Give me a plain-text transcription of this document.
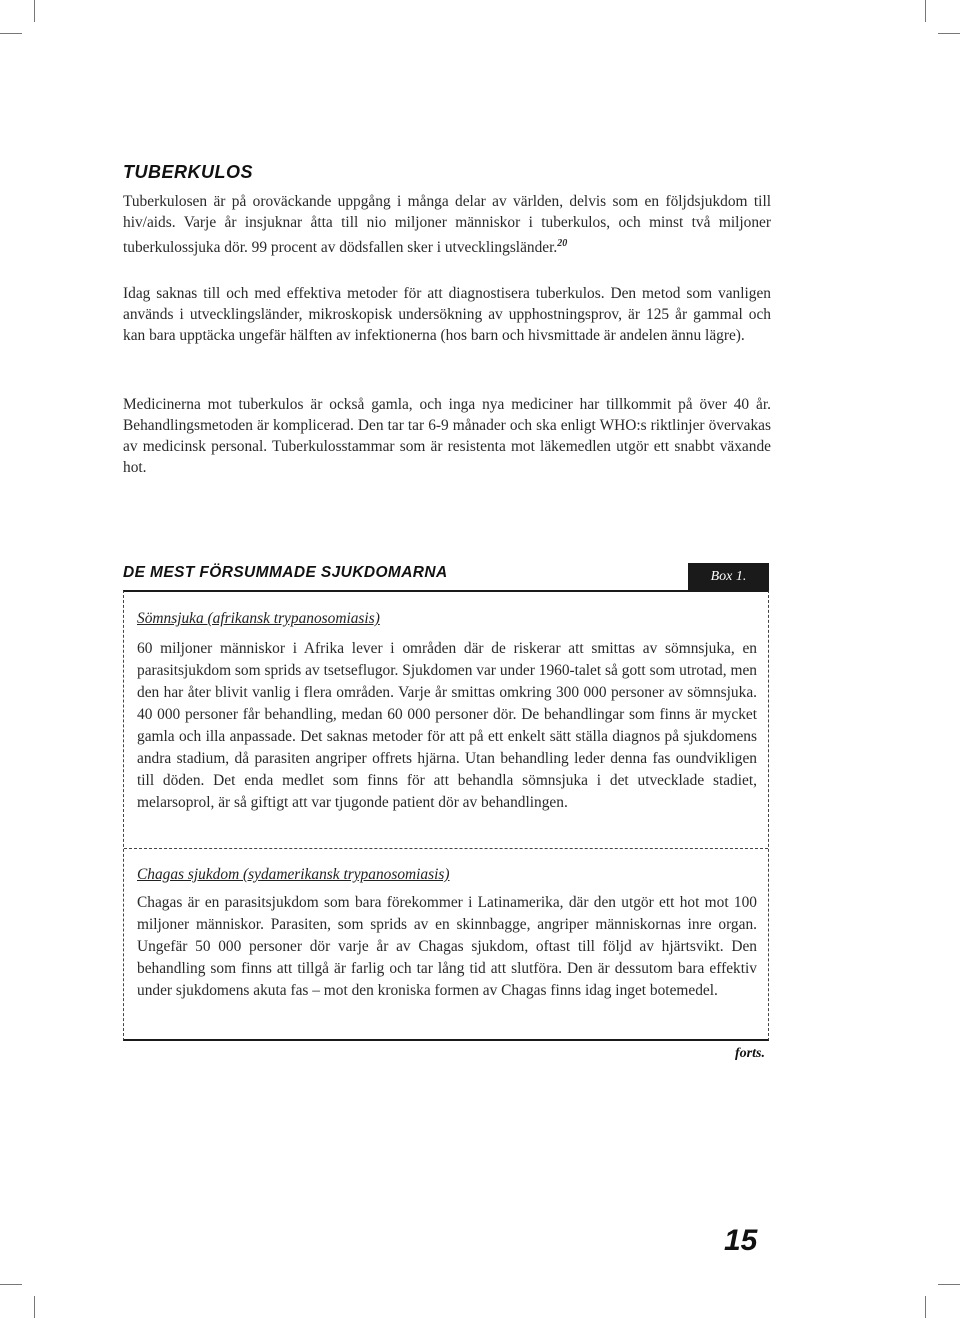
TUBERKULOS

Tuberkulosen är på oroväckande uppgång i många delar av världen, delvis som en följdsjukdom till hiv/aids. Varje år insjuknar åtta till nio miljoner människor i tuberkulos, och minst två miljoner tuberkulossjuka dör. 99 procent av dödsfallen sker i utvecklingsländer.$^{20}$

Idag saknas till och med effektiva metoder för att diagnostisera tuberkulos. Den metod som vanligen används i utvecklingsländer, mikroskopisk undersökning av upphostningsprov, är 125 år gammal och kan bara upptäcka ungefär hälften av infektionerna (hos barn och hivsmittade är andelen ännu lägre).

Medicinerna mot tuberkulos är också gamla, och inga nya mediciner har tillkommit på över 40 år. Behandlingsmetoden är komplicerad. Den tar tar 6-9 månader och ska enligt WHO:s riktlinjer övervakas av medicinsk personal. Tuberkulosstammar som är resistenta mot läkemedlen utgör ett snabbt växande hot.

DE MEST FÖRSUMMADE SJUKDOMARNA	Box 1.

Sömnsjuka (afrikansk trypanosomiasis)

60 miljoner människor i Afrika lever i områden där de riskerar att smittas av sömnsjuka, en parasitsjukdom som sprids av tsetseflugor. Sjukdomen var under 1960-talet så gott som utrotad, men den har åter blivit vanlig i flera områden. Varje år smittas omkring 300 000 personer av sömnsjuka. 40 000 personer får behandling, medan 60 000 personer dör. De behandlingar som finns är mycket gamla och illa anpassade. Det saknas metoder för att på ett enkelt sätt ställa diagnos på sjukdomens andra stadium, då parasiten angriper offrets hjärna. Utan behandling leder denna fas oundvikligen till döden. Det enda medlet som finns för att behandla sömnsjuka i det utvecklade stadiet, melarsoprol, är så giftigt att var tjugonde patient dör av behandlingen.

Chagas sjukdom (sydamerikansk trypanosomiasis)

Chagas är en parasitsjukdom som bara förekommer i Latinamerika, där den utgör ett hot mot 100 miljoner människor. Parasiten, som sprids av en skinnbagge, angriper människornas inre organ. Ungefär 50 000 personer dör varje år av Chagas sjukdom, oftast till följd av hjärtsvikt. Den behandling som finns att tillgå är farlig och tar lång tid att slutföra. Den är dessutom bara effektiv under sjukdomens akuta fas – mot den kroniska formen av Chagas finns idag inget botemedel.

forts.
15
